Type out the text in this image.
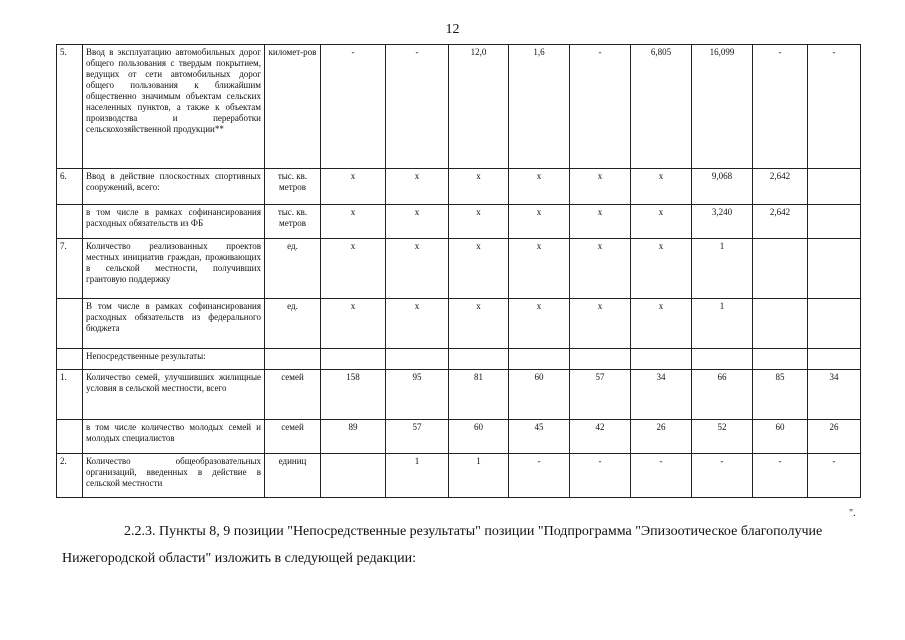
12
5.	Ввод в эксплуатацию автомобильных дорог общего пользования с твердым покрытием, ведущих от сети автомобильных дорог общего пользования к ближайшим общественно значимым объектам сельских населенных пунктов, а также к объектам производства и переработки сельскохозяйственной продукции**	километ-ров	-	-	12,0	1,6	-	6,805	16,099	-	-
6.	Ввод в действие плоскостных спортивных сооружений, всего:	тыс. кв. метров	x	x	x	x	x	x	9,068	2,642	
	в том числе в рамках софинансирования расходных обязательств из ФБ	тыс. кв. метров	x	x	x	x	x	x	3,240	2,642	
7.	Количество реализованных проектов местных инициатив граждан, проживающих в сельской местности, получивших грантовую поддержку	ед.	x	x	x	x	x	x	1		
	В том числе в рамках софинансирования расходных обязательств из федерального бюджета	ед.	x	x	x	x	x	x	1		
	Непосредственные результаты:										
1.	Количество семей, улучшивших жилищные условия в сельской местности, всего	семей	158	95	81	60	57	34	66	85	34
	в том числе количество молодых семей и молодых специалистов	семей	89	57	60	45	42	26	52	60	26
2.	Количество общеобразовательных организаций, введенных в действие в сельской местности	единиц		1	1	-	-	-	-	-	-
".
2.2.3. Пункты 8, 9 позиции "Непосредственные результаты" позиции "Подпрограмма "Эпизоотическое благополучие Нижегородской области" изложить в следующей редакции:
